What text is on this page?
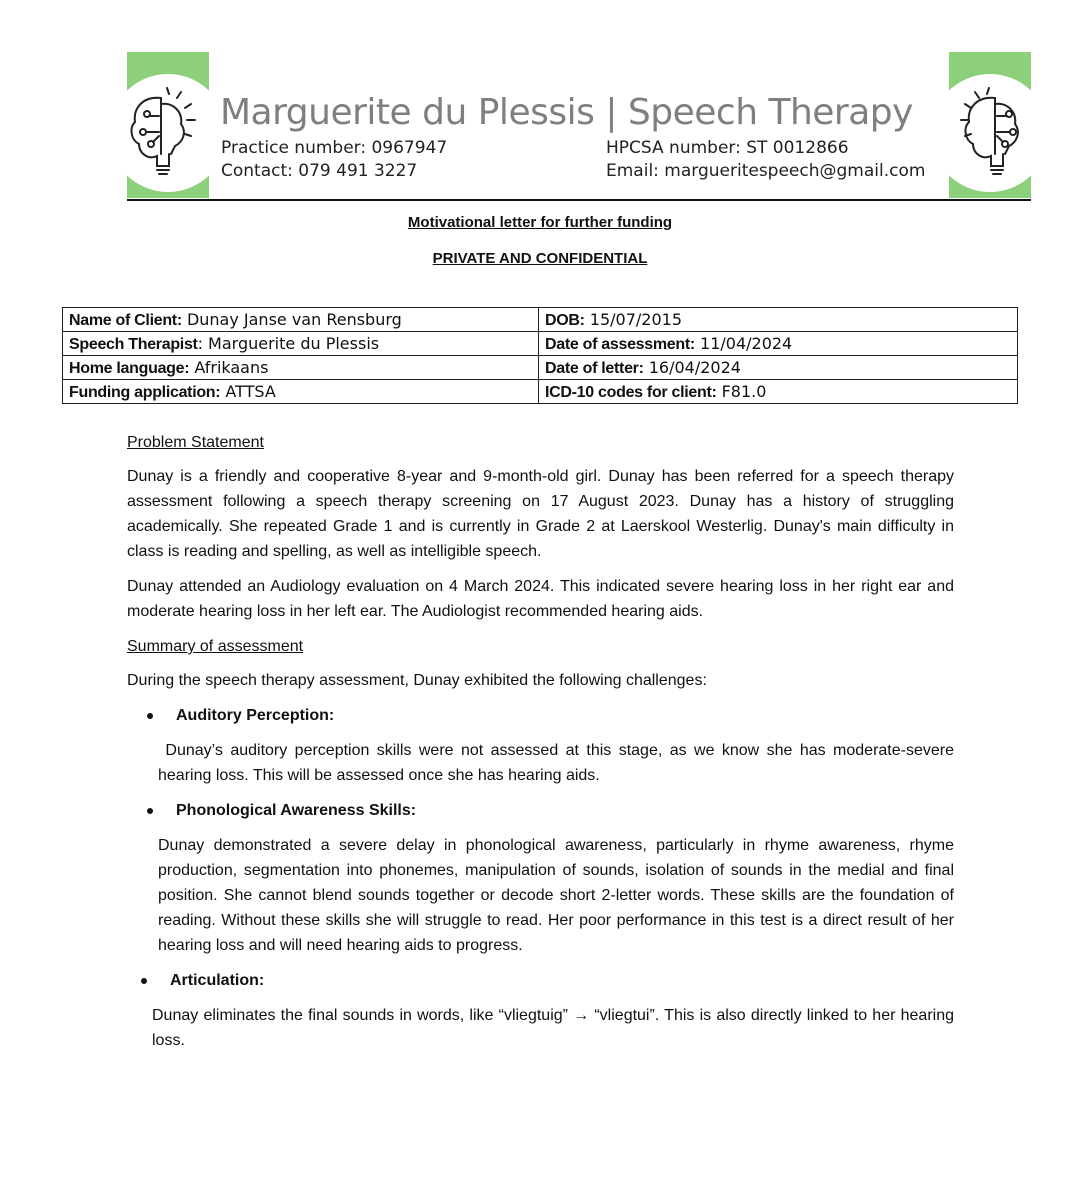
Marguerite du Plessis | Speech Therapy
Practice number: 0967947
Contact: 079 491 3227
HPCSA number: ST 0012866
Email: margueritespeech@gmail.com
Motivational letter for further funding
PRIVATE AND CONFIDENTIAL
Name of Client: Dunay Janse van Rensburg	DOB: 15/07/2015
Speech Therapist: Marguerite du Plessis	Date of assessment: 11/04/2024
Home language: Afrikaans	Date of letter: 16/04/2024
Funding application: ATTSA	ICD-10 codes for client: F81.0
Problem Statement

Dunay is a friendly and cooperative 8-year and 9-month-old girl. Dunay has been referred for a speech therapy assessment following a speech therapy screening on 17 August 2023. Dunay has a history of struggling academically. She repeated Grade 1 and is currently in Grade 2 at Laerskool Westerlig. Dunay's main difficulty in class is reading and spelling, as well as intelligible speech.

Dunay attended an Audiology evaluation on 4 March 2024. This indicated severe hearing loss in her right ear and moderate hearing loss in her left ear. The Audiologist recommended hearing aids.

Summary of assessment

During the speech therapy assessment, Dunay exhibited the following challenges:

Auditory Perception:

Dunay’s auditory perception skills were not assessed at this stage, as we know she has moderate-severe hearing loss. This will be assessed once she has hearing aids.

Phonological Awareness Skills:

Dunay demonstrated a severe delay in phonological awareness, particularly in rhyme awareness, rhyme production, segmentation into phonemes, manipulation of sounds, isolation of sounds in the medial and final position. She cannot blend sounds together or decode short 2-letter words. These skills are the foundation of reading. Without these skills she will struggle to read. Her poor performance in this test is a direct result of her hearing loss and will need hearing aids to progress.

Articulation:

Dunay eliminates the final sounds in words, like “vliegtuig” → “vliegtui”. This is also directly linked to her hearing loss.
